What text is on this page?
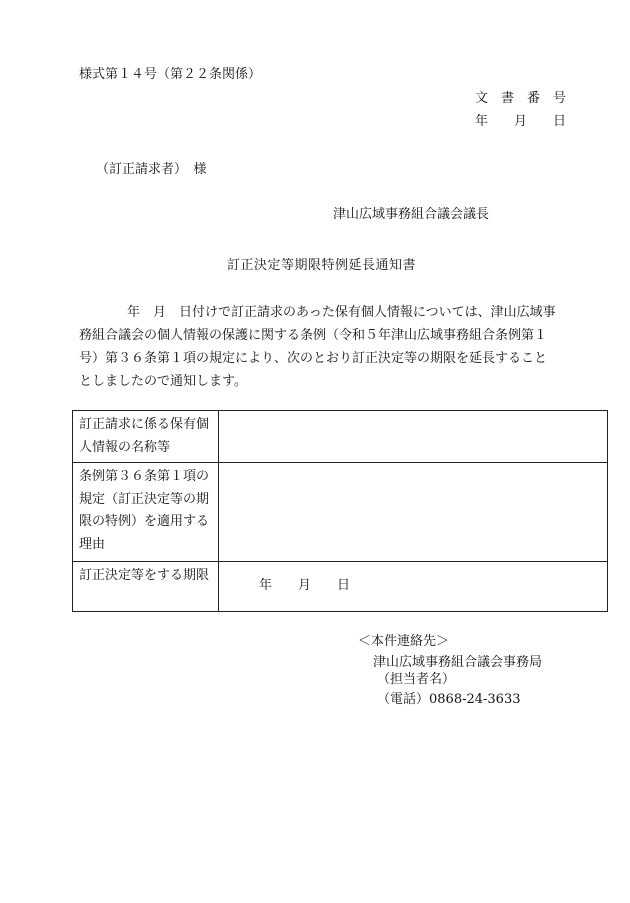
様式第１４号（第２２条関係）
文　書　番　号
年　　月　　日
（訂正請求者）　様
津山広域事務組合議会議長
訂正決定等期限特例延長通知書

年　月　日付けで訂正請求のあった保有個人情報については、津山広域事務組合議会の個人情報の保護に関する条例（令和５年津山広域事務組合条例第１号）第３６条第１項の規定により、次のとおり訂正決定等の期限を延長することとしましたので通知します。

訂正請求に係る保有個人情報の名称等	
条例第３６条第１項の規定（訂正決定等の期限の特例）を適用する理由	
訂正決定等をする期限	年　　月　　日
＜本件連絡先＞
津山広域事務組合議会事務局
（担当者名）
（電話）0868-24-3633
